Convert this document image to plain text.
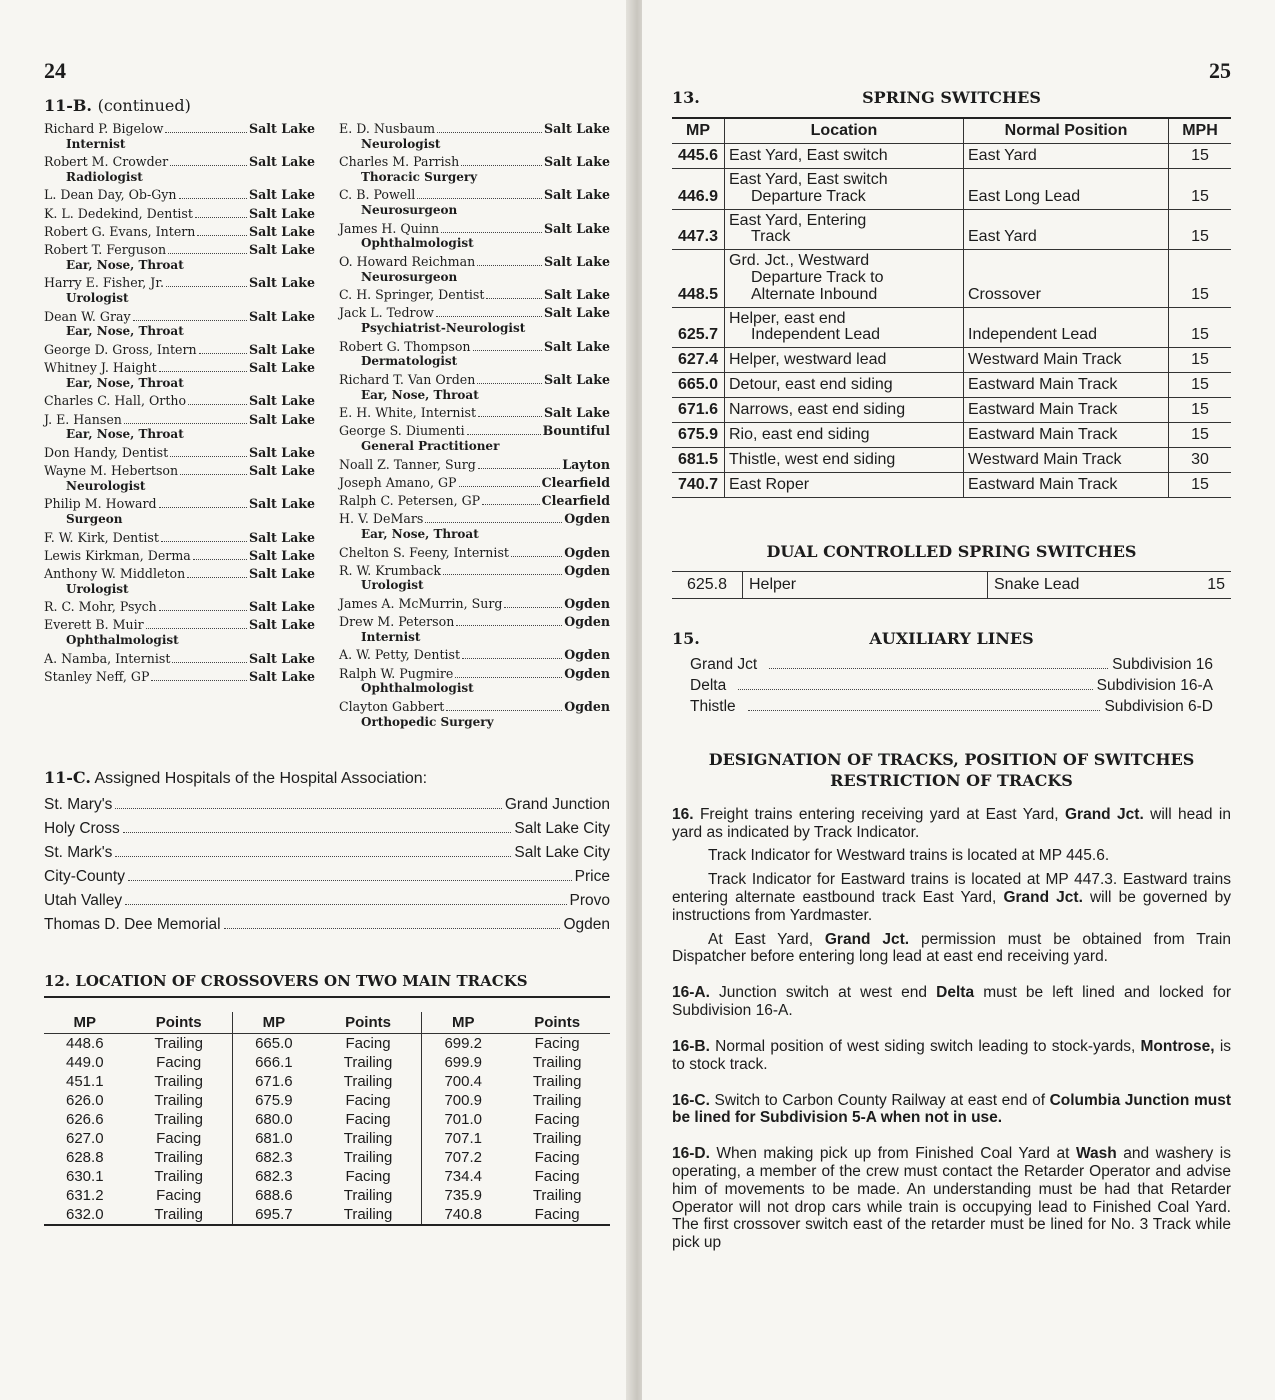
24
11-B. (continued)
Richard P. Bigelow	Salt Lake
Internist
Robert M. Crowder	Salt Lake
Radiologist
L. Dean Day, Ob-Gyn	Salt Lake
K. L. Dedekind, Dentist	Salt Lake
Robert G. Evans, Intern	Salt Lake
Robert T. Ferguson	Salt Lake
Ear, Nose, Throat
Harry E. Fisher, Jr.	Salt Lake
Urologist
Dean W. Gray	Salt Lake
Ear, Nose, Throat
George D. Gross, Intern	Salt Lake
Whitney J. Haight	Salt Lake
Ear, Nose, Throat
Charles C. Hall, Ortho	Salt Lake
J. E. Hansen	Salt Lake
Ear, Nose, Throat
Don Handy, Dentist	Salt Lake
Wayne M. Hebertson	Salt Lake
Neurologist
Philip M. Howard	Salt Lake
Surgeon
F. W. Kirk, Dentist	Salt Lake
Lewis Kirkman, Derma	Salt Lake
Anthony W. Middleton	Salt Lake
Urologist
R. C. Mohr, Psych	Salt Lake
Everett B. Muir	Salt Lake
Ophthalmologist
A. Namba, Internist	Salt Lake
Stanley Neff, GP	Salt Lake
E. D. Nusbaum	Salt Lake
Neurologist
Charles M. Parrish	Salt Lake
Thoracic Surgery
C. B. Powell	Salt Lake
Neurosurgeon
James H. Quinn	Salt Lake
Ophthalmologist
O. Howard Reichman	Salt Lake
Neurosurgeon
C. H. Springer, Dentist	Salt Lake
Jack L. Tedrow	Salt Lake
Psychiatrist-Neurologist
Robert G. Thompson	Salt Lake
Dermatologist
Richard T. Van Orden	Salt Lake
Ear, Nose, Throat
E. H. White, Internist	Salt Lake
George S. Diumenti	Bountiful
General Practitioner
Noall Z. Tanner, Surg	Layton
Joseph Amano, GP	Clearfield
Ralph C. Petersen, GP	Clearfield
H. V. DeMars	Ogden
Ear, Nose, Throat
Chelton S. Feeny, Internist	Ogden
R. W. Krumback	Ogden
Urologist
James A. McMurrin, Surg	Ogden
Drew M. Peterson	Ogden
Internist
A. W. Petty, Dentist	Ogden
Ralph W. Pugmire	Ogden
Ophthalmologist
Clayton Gabbert	Ogden
Orthopedic Surgery
11-C. Assigned Hospitals of the Hospital Association:
St. Mary's	Grand Junction
Holy Cross	Salt Lake City
St. Mark's	Salt Lake City
City-County	Price
Utah Valley	Provo
Thomas D. Dee Memorial	Ogden
12. LOCATION OF CROSSOVERS ON TWO MAIN TRACKS
MP	Points	MP	Points	MP	Points
448.6	Trailing	665.0	Facing	699.2	Facing
449.0	Facing	666.1	Trailing	699.9	Trailing
451.1	Trailing	671.6	Trailing	700.4	Trailing
626.0	Trailing	675.9	Facing	700.9	Trailing
626.6	Trailing	680.0	Facing	701.0	Facing
627.0	Facing	681.0	Trailing	707.1	Trailing
628.8	Trailing	682.3	Trailing	707.2	Facing
630.1	Trailing	682.3	Facing	734.4	Facing
631.2	Facing	688.6	Trailing	735.9	Trailing
632.0	Trailing	695.7	Trailing	740.8	Facing
25
13.	SPRING SWITCHES
MP	Location	Normal Position	MPH
445.6	East Yard, East switch	East Yard	15
446.9	East Yard, East switch
Departure Track	East Long Lead	15
447.3	East Yard, Entering
Track	East Yard	15
448.5	Grd. Jct., Westward
Departure Track to
Alternate Inbound	Crossover	15
625.7	Helper, east end
Independent Lead	Independent Lead	15
627.4	Helper, westward lead	Westward Main Track	15
665.0	Detour, east end siding	Eastward Main Track	15
671.6	Narrows, east end siding	Eastward Main Track	15
675.9	Rio, east end siding	Eastward Main Track	15
681.5	Thistle, west end siding	Westward Main Track	30
740.7	East Roper	Eastward Main Track	15
DUAL CONTROLLED SPRING SWITCHES
625.8	Helper	Snake Lead	15
15.	AUXILIARY LINES
Grand Jct	Subdivision 16
Delta	Subdivision 16-A
Thistle	Subdivision 6-D
DESIGNATION OF TRACKS, POSITION OF SWITCHES
RESTRICTION OF TRACKS

16. Freight trains entering receiving yard at East Yard, Grand Jct. will head in yard as indicated by Track Indicator.

Track Indicator for Westward trains is located at MP 445.6.

Track Indicator for Eastward trains is located at MP 447.3. Eastward trains entering alternate eastbound track East Yard, Grand Jct. will be governed by instructions from Yardmaster.

At East Yard, Grand Jct. permission must be obtained from Train Dispatcher before entering long lead at east end receiving yard.

16-A. Junction switch at west end Delta must be left lined and locked for Subdivision 16-A.

16-B. Normal position of west siding switch leading to stock-yards, Montrose, is to stock track.

16-C. Switch to Carbon County Railway at east end of Columbia Junction must be lined for Subdivision 5-A when not in use.

16-D. When making pick up from Finished Coal Yard at Wash and washery is operating, a member of the crew must contact the Retarder Operator and advise him of movements to be made. An understanding must be had that Retarder Operator will not drop cars while train is occupying lead to Finished Coal Yard. The first crossover switch east of the retarder must be lined for No. 3 Track while pick up
